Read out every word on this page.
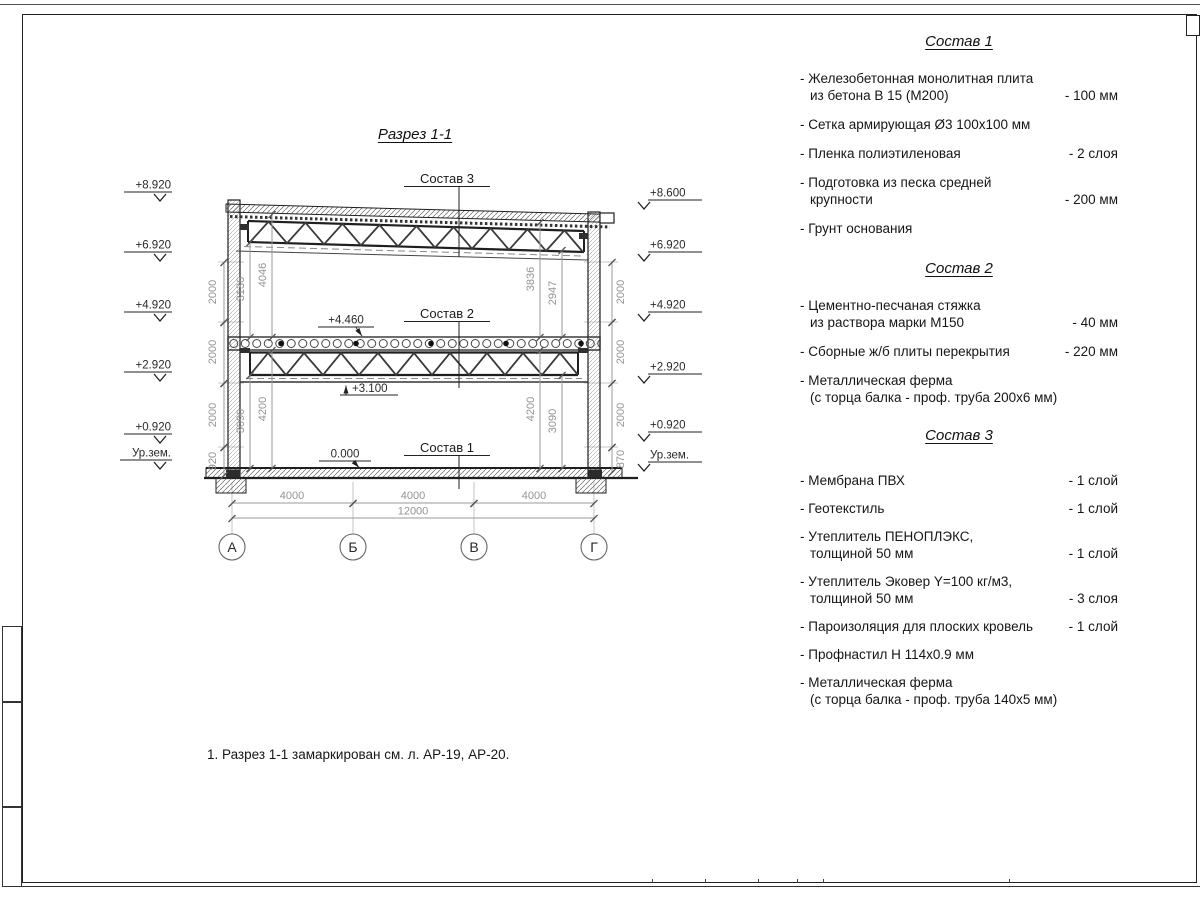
Разрез 1-1
4000	4000	4000
12000
А	Б	В	Г
2000
2000
2000
920
2000
2000
2000
870
3136
4046	3836
2947
3090 4200	4200 3090
+8.920
+6.920
+4.920
+2.920
+0.920
Ур.зем.
+8.600
+6.920
+4.920
+2.920
+0.920
Ур.зем.
Состав 3
Состав 2
Состав 1
+4.460
+3.100
0.000
Состав 1
- Железобетонная монолитная плита
из бетона В 15 (М200)	- 100 мм
- Сетка армирующая Ø3 100х100 мм
- Пленка полиэтиленовая	- 2 слоя
- Подготовка из песка средней
крупности	- 200 мм
- Грунт основания
Состав 2
- Цементно-песчаная стяжка
из раствора марки М150	- 40 мм
- Сборные ж/б плиты перекрытия	- 220 мм
- Металлическая ферма
(с торца балка - проф. труба 200х6 мм)
Состав 3
- Мембрана ПВХ	- 1 слой
- Геотекстиль	- 1 слой
- Утеплитель ПЕНОПЛЭКС,
толщиной 50 мм	- 1 слой
- Утеплитель Эковер Y=100 кг/м3,
толщиной 50 мм	- 3 слоя
- Пароизоляция для плоских кровель	- 1 слой
- Профнастил Н 114х0.9 мм
- Металлическая ферма
(с торца балка - проф. труба 140х5 мм)
1. Разрез 1-1 замаркирован см. л. АР-19, АР-20.
